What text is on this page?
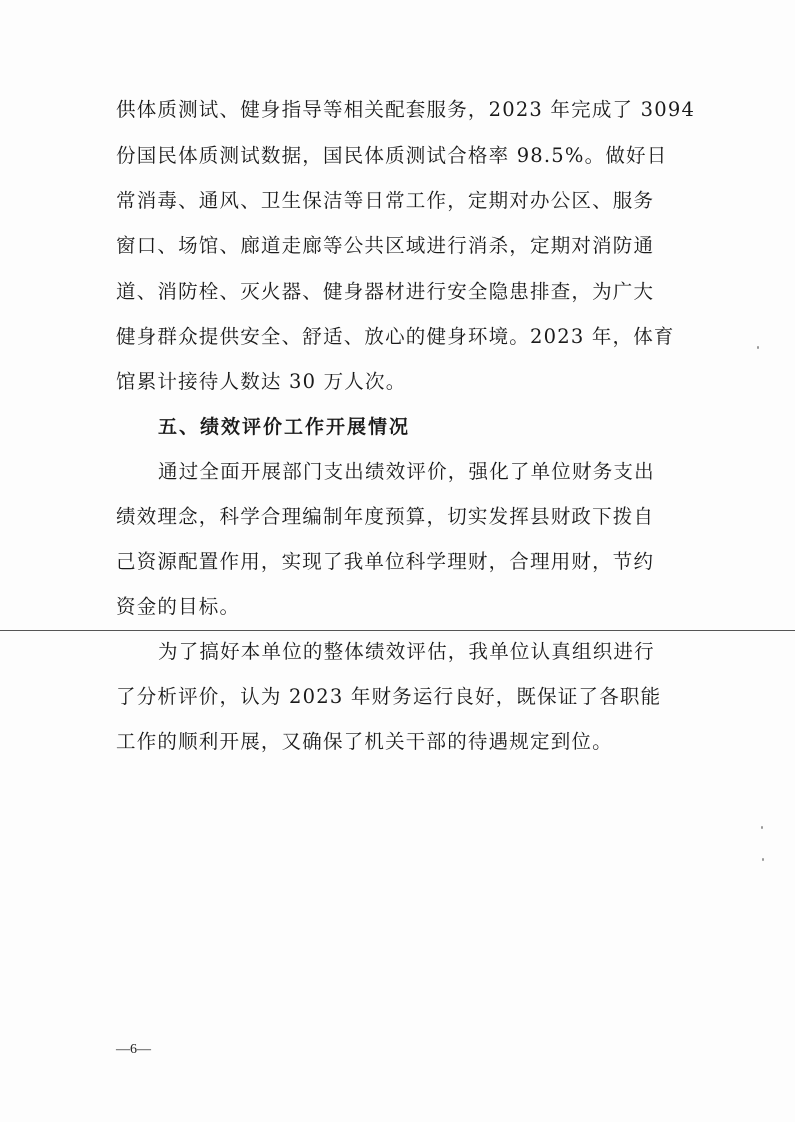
供体质测试、健身指导等相关配套服务，2023 年完成了 3094
份国民体质测试数据，国民体质测试合格率 98.5%。做好日
常消毒、通风、卫生保洁等日常工作，定期对办公区、服务
窗口、场馆、廊道走廊等公共区域进行消杀，定期对消防通
道、消防栓、灭火器、健身器材进行安全隐患排查，为广大
健身群众提供安全、舒适、放心的健身环境。2023 年，体育
馆累计接待人数达 30 万人次。
五、绩效评价工作开展情况
通过全面开展部门支出绩效评价，强化了单位财务支出
绩效理念，科学合理编制年度预算，切实发挥县财政下拨自
己资源配置作用，实现了我单位科学理财，合理用财，节约
资金的目标。
为了搞好本单位的整体绩效评估，我单位认真组织进行
了分析评价，认为 2023 年财务运行良好，既保证了各职能
工作的顺利开展，又确保了机关干部的待遇规定到位。
—6—
